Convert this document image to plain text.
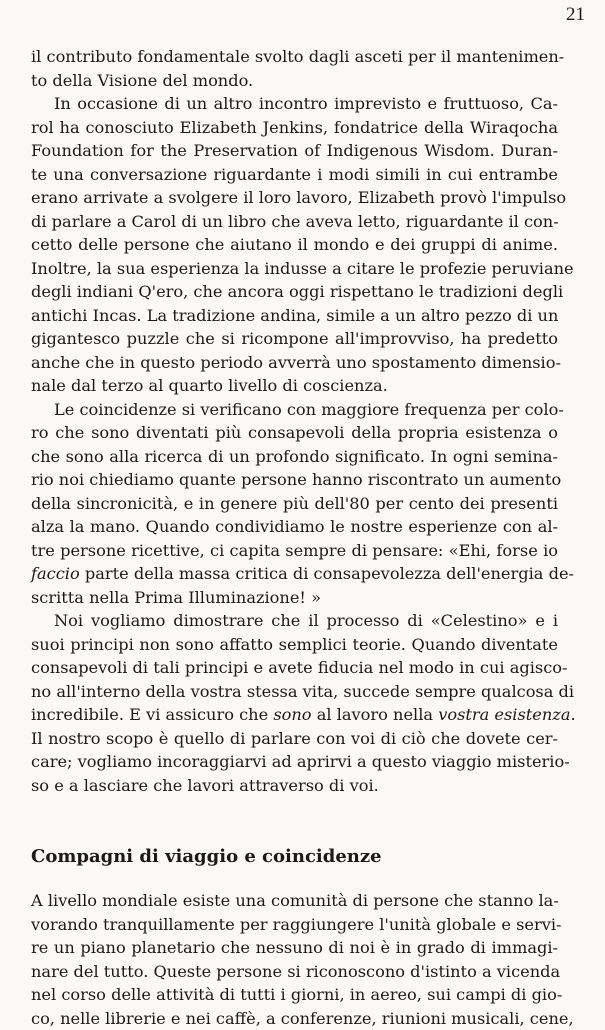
21
il contributo fondamentale svolto dagli asceti per il mantenimen-
to della Visione del mondo.
In occasione di un altro incontro imprevisto e fruttuoso, Ca-
rol ha conosciuto Elizabeth Jenkins, fondatrice della Wiraqocha
Foundation for the Preservation of Indigenous Wisdom. Duran-
te una conversazione riguardante i modi simili in cui entrambe
erano arrivate a svolgere il loro lavoro, Elizabeth provò l'impulso
di parlare a Carol di un libro che aveva letto, riguardante il con-
cetto delle persone che aiutano il mondo e dei gruppi di anime.
Inoltre, la sua esperienza la indusse a citare le profezie peruviane
degli indiani Q'ero, che ancora oggi rispettano le tradizioni degli
antichi Incas. La tradizione andina, simile a un altro pezzo di un
gigantesco puzzle che si ricompone all'improvviso, ha predetto
anche che in questo periodo avverrà uno spostamento dimensio-
nale dal terzo al quarto livello di coscienza.
Le coincidenze si verificano con maggiore frequenza per colo-
ro che sono diventati più consapevoli della propria esistenza o
che sono alla ricerca di un profondo significato. In ogni semina-
rio noi chiediamo quante persone hanno riscontrato un aumento
della sincronicità, e in genere più dell'80 per cento dei presenti
alza la mano. Quando condividiamo le nostre esperienze con al-
tre persone ricettive, ci capita sempre di pensare: «Ehi, forse io
faccio parte della massa critica di consapevolezza dell'energia de-
scritta nella Prima Illuminazione! »
Noi vogliamo dimostrare che il processo di «Celestino» e i
suoi principi non sono affatto semplici teorie. Quando diventate
consapevoli di tali principi e avete fiducia nel modo in cui agisco-
no all'interno della vostra stessa vita, succede sempre qualcosa di
incredibile. E vi assicuro che sono al lavoro nella vostra esistenza.
Il nostro scopo è quello di parlare con voi di ciò che dovete cer-
care; vogliamo incoraggiarvi ad aprirvi a questo viaggio misterio-
so e a lasciare che lavori attraverso di voi.
Compagni di viaggio e coincidenze
A livello mondiale esiste una comunità di persone che stanno la-
vorando tranquillamente per raggiungere l'unità globale e servi-
re un piano planetario che nessuno di noi è in grado di immagi-
nare del tutto. Queste persone si riconoscono d'istinto a vicenda
nel corso delle attività di tutti i giorni, in aereo, sui campi di gio-
co, nelle librerie e nei caffè, a conferenze, riunioni musicali, cene,
